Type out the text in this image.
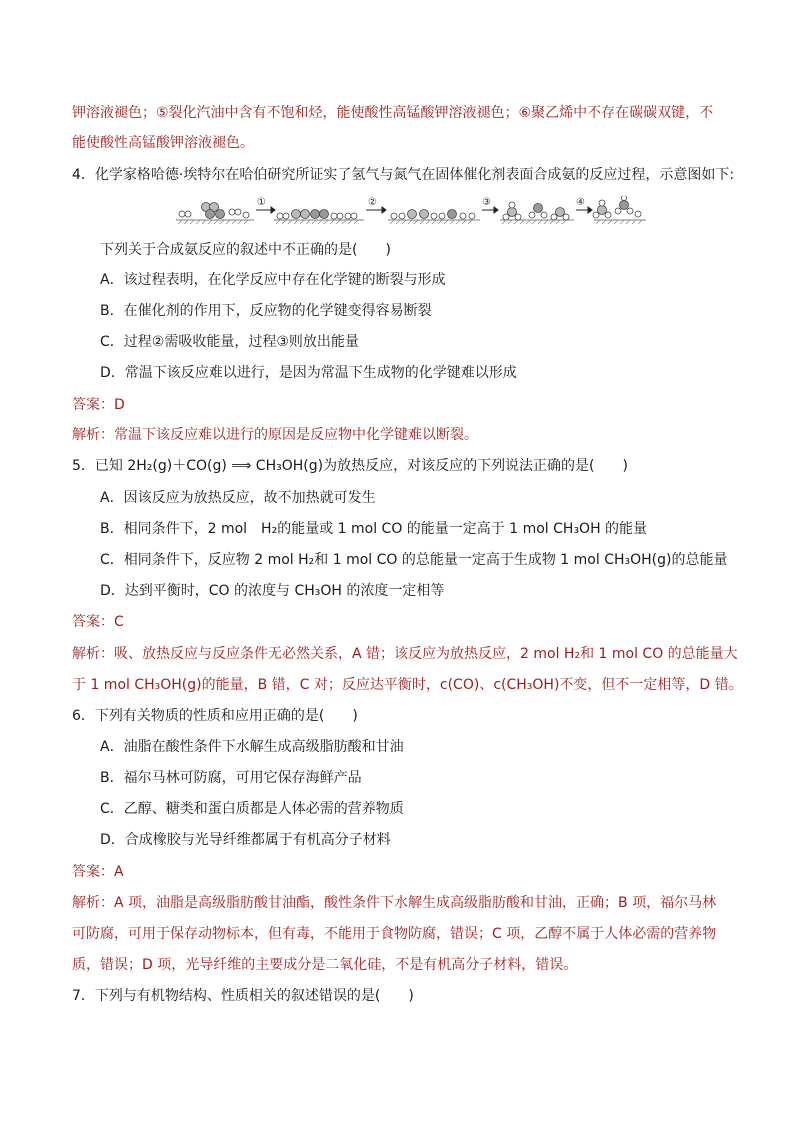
钾溶液褪色；⑤裂化汽油中含有不饱和烃，能使酸性高锰酸钾溶液褪色；⑥聚乙烯中不存在碳碳双键，不
能使酸性高锰酸钾溶液褪色。
4．化学家格哈德·埃特尔在哈伯研究所证实了氢气与氮气在固体催化剂表面合成氨的反应过程，示意图如下:
①	②	③	④
下列关于合成氨反应的叙述中不正确的是(　　)
A．该过程表明，在化学反应中存在化学键的断裂与形成
B．在催化剂的作用下，反应物的化学键变得容易断裂
C．过程②需吸收能量，过程③则放出能量
D．常温下该反应难以进行，是因为常温下生成物的化学键难以形成
答案：D
解析：常温下该反应难以进行的原因是反应物中化学键难以断裂。
5．已知 2H₂(g)＋CO(g) ⟹ CH₃OH(g)为放热反应，对该反应的下列说法正确的是(　　)
A．因该反应为放热反应，故不加热就可发生
B．相同条件下，2 mol　H₂的能量或 1 mol CO 的能量一定高于 1 mol CH₃OH 的能量
C．相同条件下，反应物 2 mol H₂和 1 mol CO 的总能量一定高于生成物 1 mol CH₃OH(g)的总能量
D．达到平衡时，CO 的浓度与 CH₃OH 的浓度一定相等
答案：C
解析：吸、放热反应与反应条件无必然关系，A 错；该反应为放热反应，2 mol H₂和 1 mol CO 的总能量大
于 1 mol CH₃OH(g)的能量，B 错，C 对；反应达平衡时，c(CO)、c(CH₃OH)不变，但不一定相等，D 错。
6．下列有关物质的性质和应用正确的是(　　)
A．油脂在酸性条件下水解生成高级脂肪酸和甘油
B．福尔马林可防腐，可用它保存海鲜产品
C．乙醇、糖类和蛋白质都是人体必需的营养物质
D．合成橡胶与光导纤维都属于有机高分子材料
答案：A
解析：A 项，油脂是高级脂肪酸甘油酯，酸性条件下水解生成高级脂肪酸和甘油，正确；B 项，福尔马林
可防腐，可用于保存动物标本，但有毒，不能用于食物防腐，错误；C 项，乙醇不属于人体必需的营养物
质，错误；D 项，光导纤维的主要成分是二氧化硅，不是有机高分子材料，错误。
7．下列与有机物结构、性质相关的叙述错误的是(　　)
